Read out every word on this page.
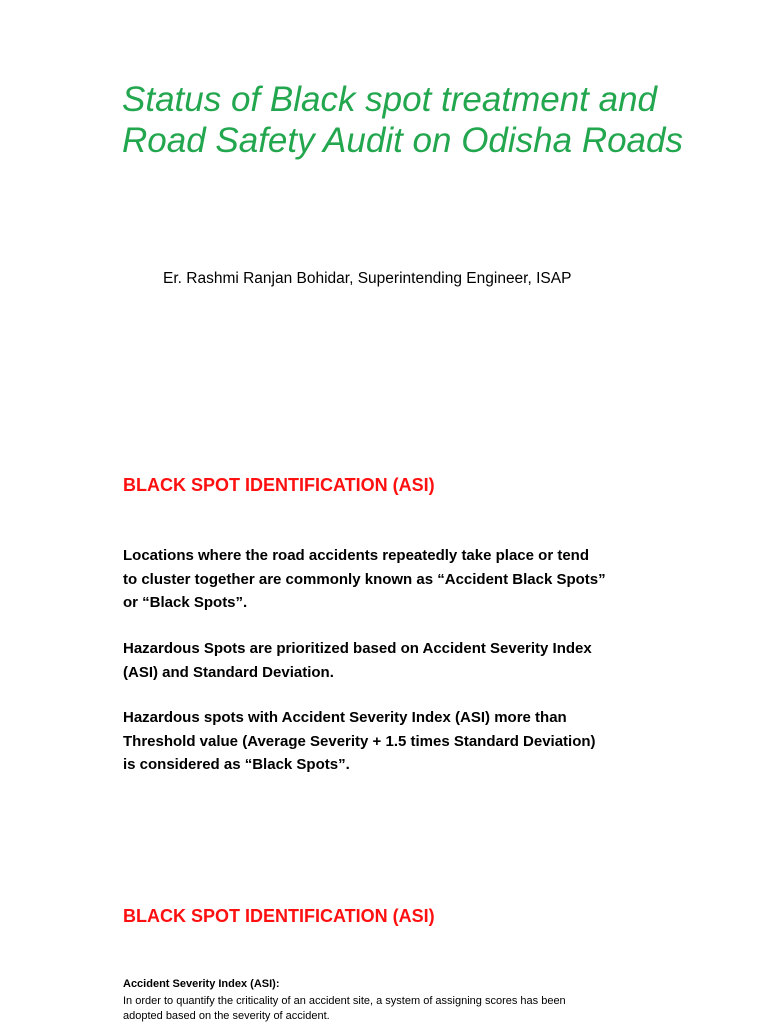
Status of Black spot treatment and
Road Safety Audit on Odisha Roads
Er. Rashmi Ranjan Bohidar, Superintending Engineer, ISAP
BLACK SPOT IDENTIFICATION (ASI)
Locations where the road accidents repeatedly take place or tend
to cluster together are commonly known as “Accident Black Spots”
or “Black Spots”.
Hazardous Spots are prioritized based on Accident Severity Index
(ASI) and Standard Deviation.
Hazardous spots with Accident Severity Index (ASI) more than
Threshold value (Average Severity + 1.5 times Standard Deviation)
is considered as “Black Spots”.
BLACK SPOT IDENTIFICATION (ASI)
Accident Severity Index (ASI):
In order to quantify the criticality of an accident site, a system of assigning scores has been
adopted based on the severity of accident.
